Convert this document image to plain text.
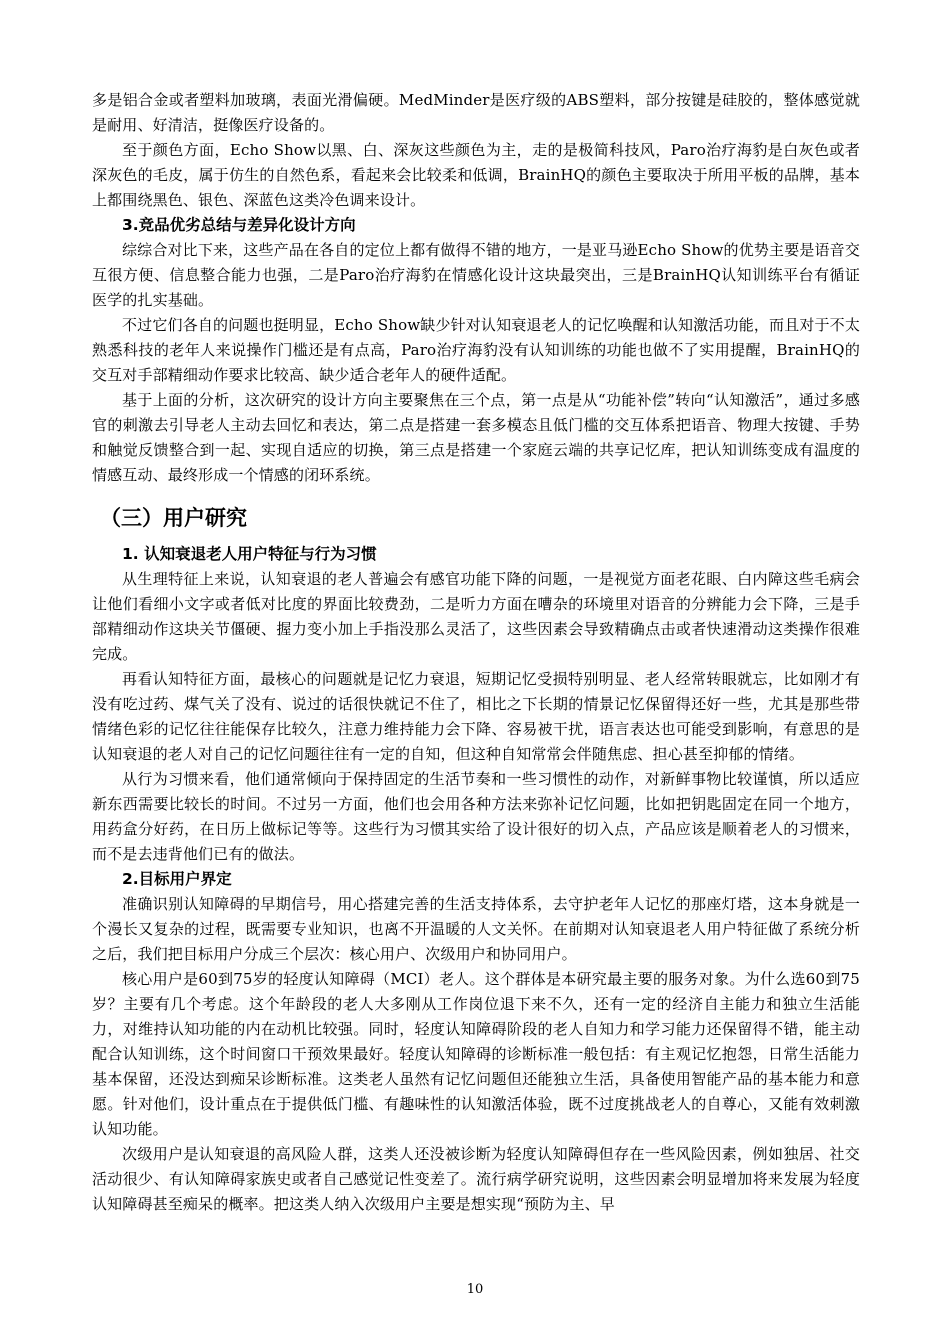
多是铝合金或者塑料加玻璃，表面光滑偏硬。MedMinder是医疗级的ABS塑料，部分按键是硅胶的，整体感觉就是耐用、好清洁，挺像医疗设备的。

至于颜色方面，Echo Show以黑、白、深灰这些颜色为主，走的是极简科技风，Paro治疗海豹是白灰色或者深灰色的毛皮，属于仿生的自然色系，看起来会比较柔和低调，BrainHQ的颜色主要取决于所用平板的品牌，基本上都围绕黑色、银色、深蓝色这类冷色调来设计。

3.竞品优劣总结与差异化设计方向

综综合对比下来，这些产品在各自的定位上都有做得不错的地方，一是亚马逊Echo Show的优势主要是语音交互很方便、信息整合能力也强，二是Paro治疗海豹在情感化设计这块最突出，三是BrainHQ认知训练平台有循证医学的扎实基础。

不过它们各自的问题也挺明显，Echo Show缺少针对认知衰退老人的记忆唤醒和认知激活功能，而且对于不太熟悉科技的老年人来说操作门槛还是有点高，Paro治疗海豹没有认知训练的功能也做不了实用提醒，BrainHQ的交互对手部精细动作要求比较高、缺少适合老年人的硬件适配。

基于上面的分析，这次研究的设计方向主要聚焦在三个点，第一点是从“功能补偿”转向“认知激活”，通过多感官的刺激去引导老人主动去回忆和表达，第二点是搭建一套多模态且低门槛的交互体系把语音、物理大按键、手势和触觉反馈整合到一起、实现自适应的切换，第三点是搭建一个家庭云端的共享记忆库，把认知训练变成有温度的情感互动、最终形成一个情感的闭环系统。

（三）用户研究
1. 认知衰退老人用户特征与行为习惯

从生理特征上来说，认知衰退的老人普遍会有感官功能下降的问题，一是视觉方面老花眼、白内障这些毛病会让他们看细小文字或者低对比度的界面比较费劲，二是听力方面在嘈杂的环境里对语音的分辨能力会下降，三是手部精细动作这块关节僵硬、握力变小加上手指没那么灵活了，这些因素会导致精确点击或者快速滑动这类操作很难完成。

再看认知特征方面，最核心的问题就是记忆力衰退，短期记忆受损特别明显、老人经常转眼就忘，比如刚才有没有吃过药、煤气关了没有、说过的话很快就记不住了，相比之下长期的情景记忆保留得还好一些，尤其是那些带情绪色彩的记忆往往能保存比较久，注意力维持能力会下降、容易被干扰，语言表达也可能受到影响，有意思的是认知衰退的老人对自己的记忆问题往往有一定的自知，但这种自知常常会伴随焦虑、担心甚至抑郁的情绪。

从行为习惯来看，他们通常倾向于保持固定的生活节奏和一些习惯性的动作，对新鲜事物比较谨慎，所以适应新东西需要比较长的时间。不过另一方面，他们也会用各种方法来弥补记忆问题，比如把钥匙固定在同一个地方，用药盒分好药，在日历上做标记等等。这些行为习惯其实给了设计很好的切入点，产品应该是顺着老人的习惯来，而不是去违背他们已有的做法。

2.目标用户界定

准确识别认知障碍的早期信号，用心搭建完善的生活支持体系，去守护老年人记忆的那座灯塔，这本身就是一个漫长又复杂的过程，既需要专业知识，也离不开温暖的人文关怀。在前期对认知衰退老人用户特征做了系统分析之后，我们把目标用户分成三个层次：核心用户、次级用户和协同用户。

核心用户是60到75岁的轻度认知障碍（MCI）老人。这个群体是本研究最主要的服务对象。为什么选60到75岁？主要有几个考虑。这个年龄段的老人大多刚从工作岗位退下来不久，还有一定的经济自主能力和独立生活能力，对维持认知功能的内在动机比较强。同时，轻度认知障碍阶段的老人自知力和学习能力还保留得不错，能主动配合认知训练，这个时间窗口干预效果最好。轻度认知障碍的诊断标准一般包括：有主观记忆抱怨，日常生活能力基本保留，还没达到痴呆诊断标准。这类老人虽然有记忆问题但还能独立生活，具备使用智能产品的基本能力和意愿。针对他们，设计重点在于提供低门槛、有趣味性的认知激活体验，既不过度挑战老人的自尊心，又能有效刺激认知功能。

次级用户是认知衰退的高风险人群，这类人还没被诊断为轻度认知障碍但存在一些风险因素，例如独居、社交活动很少、有认知障碍家族史或者自己感觉记性变差了。流行病学研究说明，这些因素会明显增加将来发展为轻度认知障碍甚至痴呆的概率。把这类人纳入次级用户主要是想实现“预防为主、早

10
